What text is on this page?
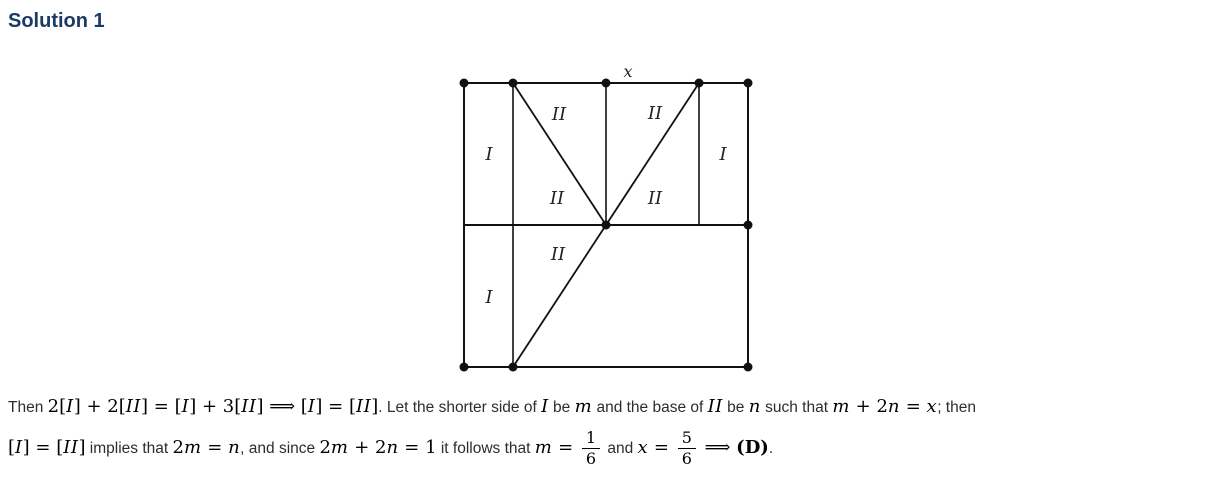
Solution 1
x
I	I
I
II	II
II	II
II

Then 2[I] + 2[II] = [I] + 3[II] ⟹ [I] = [II]. Let the shorter side of I be m and the base of II be n such that m + 2n = x; then

[I] = [II] implies that 2m = n, and since 2m + 2n = 1 it follows that $m = \frac{1}{6}$ and $x = \frac{5}{6}$ ⟹ (D).
